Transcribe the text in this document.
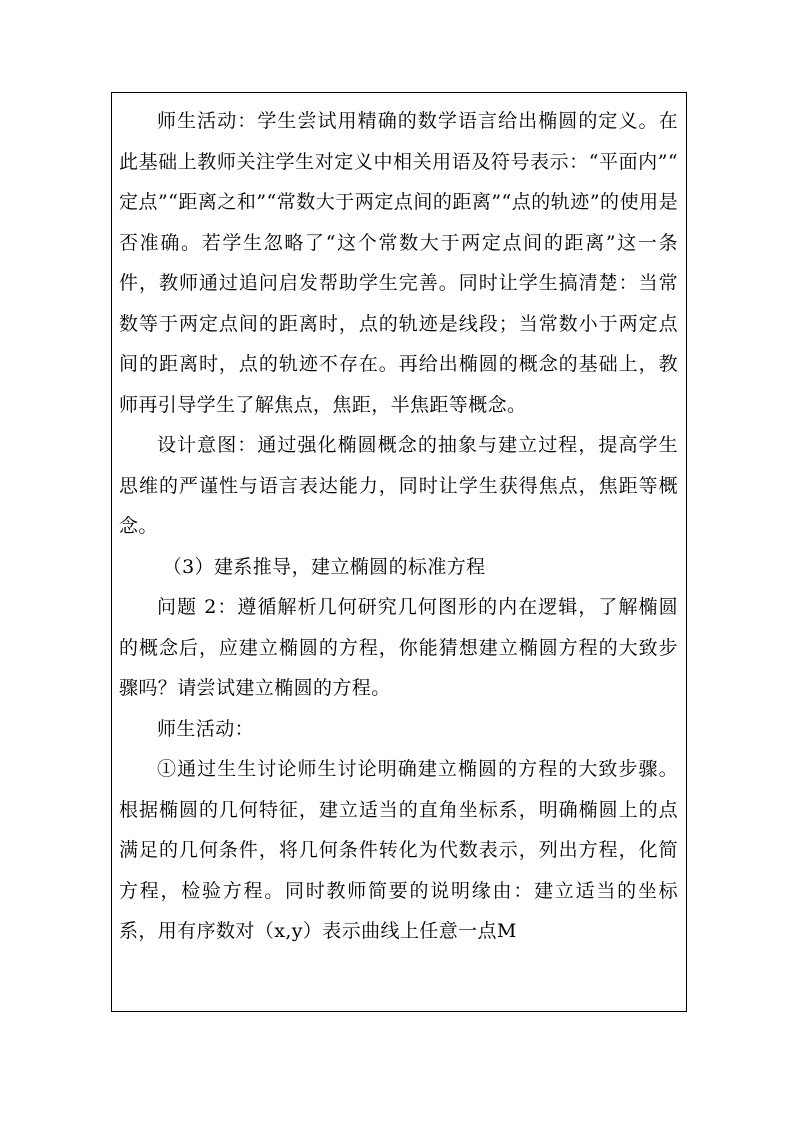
师生活动：学生尝试用精确的数学语言给出椭圆的定义。在此基础上教师关注学生对定义中相关用语及符号表示：“平面内”“ 定点”“距离之和”“常数大于两定点间的距离”“点的轨迹”的使用是否准确。若学生忽略了“这个常数大于两定点间的距离”这一条件，教师通过追问启发帮助学生完善。同时让学生搞清楚：当常数等于两定点间的距离时，点的轨迹是线段；当常数小于两定点间的距离时，点的轨迹不存在。再给出椭圆的概念的基础上，教师再引导学生了解焦点，焦距，半焦距等概念。

设计意图：通过强化椭圆概念的抽象与建立过程，提高学生思维的严谨性与语言表达能力，同时让学生获得焦点，焦距等概念。

（3）建系推导，建立椭圆的标准方程

问题 2：遵循解析几何研究几何图形的内在逻辑，了解椭圆的概念后，应建立椭圆的方程，你能猜想建立椭圆方程的大致步骤吗？请尝试建立椭圆的方程。

师生活动：

①通过生生讨论师生讨论明确建立椭圆的方程的大致步骤。根据椭圆的几何特征，建立适当的直角坐标系，明确椭圆上的点满足的几何条件，将几何条件转化为代数表示，列出方程，化简方程，检验方程。同时教师简要的说明缘由：建立适当的坐标系，用有序数对（x,y）表示曲线上任意一点M
